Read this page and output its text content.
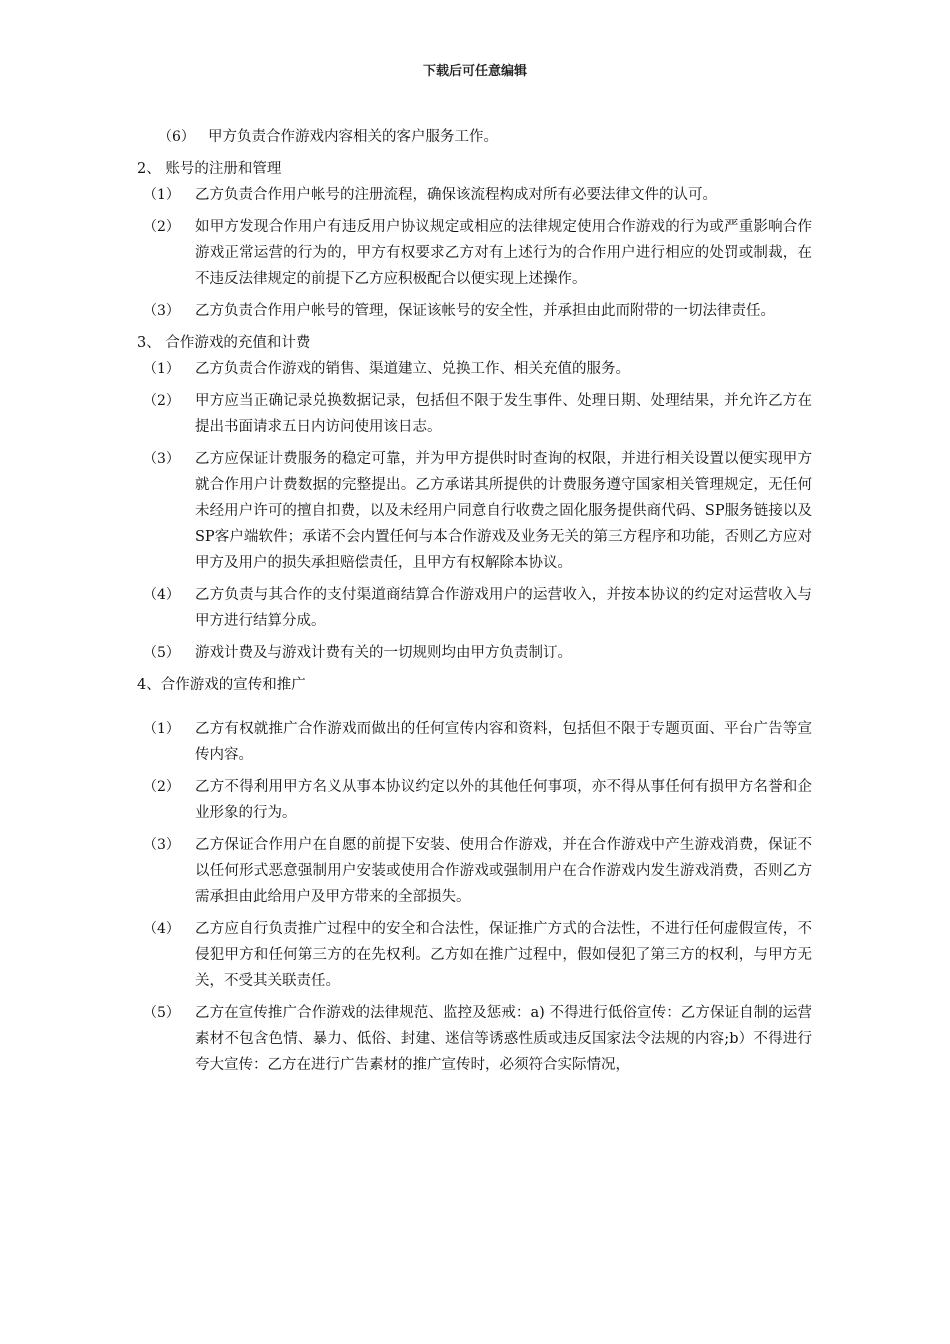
下载后可任意编辑
（6） 甲方负责合作游戏内容相关的客户服务工作。

2、 账号的注册和管理

（1） 乙方负责合作用户帐号的注册流程，确保该流程构成对所有必要法律文件的认可。
（2） 如甲方发现合作用户有违反用户协议规定或相应的法律规定使用合作游戏的行为或严重影响合作游戏正常运营的行为的，甲方有权要求乙方对有上述行为的合作用户进行相应的处罚或制裁，在不违反法律规定的前提下乙方应积极配合以便实现上述操作。
（3） 乙方负责合作用户帐号的管理，保证该帐号的安全性，并承担由此而附带的一切法律责任。

3、 合作游戏的充值和计费

（1） 乙方负责合作游戏的销售、渠道建立、兑换工作、相关充值的服务。
（2） 甲方应当正确记录兑换数据记录，包括但不限于发生事件、处理日期、处理结果，并允许乙方在提出书面请求五日内访问使用该日志。
（3） 乙方应保证计费服务的稳定可靠，并为甲方提供时时查询的权限，并进行相关设置以便实现甲方就合作用户计费数据的完整提出。乙方承诺其所提供的计费服务遵守国家相关管理规定，无任何未经用户许可的擅自扣费，以及未经用户同意自行收费之固化服务提供商代码、SP服务链接以及SP客户端软件；承诺不会内置任何与本合作游戏及业务无关的第三方程序和功能，否则乙方应对甲方及用户的损失承担赔偿责任，且甲方有权解除本协议。
（4） 乙方负责与其合作的支付渠道商结算合作游戏用户的运营收入，并按本协议的约定对运营收入与甲方进行结算分成。
（5） 游戏计费及与游戏计费有关的一切规则均由甲方负责制订。

4、合作游戏的宣传和推广

（1） 乙方有权就推广合作游戏而做出的任何宣传内容和资料，包括但不限于专题页面、平台广告等宣传内容。
（2） 乙方不得利用甲方名义从事本协议约定以外的其他任何事项，亦不得从事任何有损甲方名誉和企业形象的行为。
（3） 乙方保证合作用户在自愿的前提下安装、使用合作游戏，并在合作游戏中产生游戏消费，保证不以任何形式恶意强制用户安装或使用合作游戏或强制用户在合作游戏内发生游戏消费，否则乙方需承担由此给用户及甲方带来的全部损失。
（4） 乙方应自行负责推广过程中的安全和合法性，保证推广方式的合法性，不进行任何虚假宣传，不侵犯甲方和任何第三方的在先权利。乙方如在推广过程中，假如侵犯了第三方的权利，与甲方无关，不受其关联责任。
（5） 乙方在宣传推广合作游戏的法律规范、监控及惩戒：a) 不得进行低俗宣传：乙方保证自制的运营素材不包含色情、暴力、低俗、封建、迷信等诱惑性质或违反国家法令法规的内容;b）不得进行夸大宣传：乙方在进行广告素材的推广宣传时，必须符合实际情况，
